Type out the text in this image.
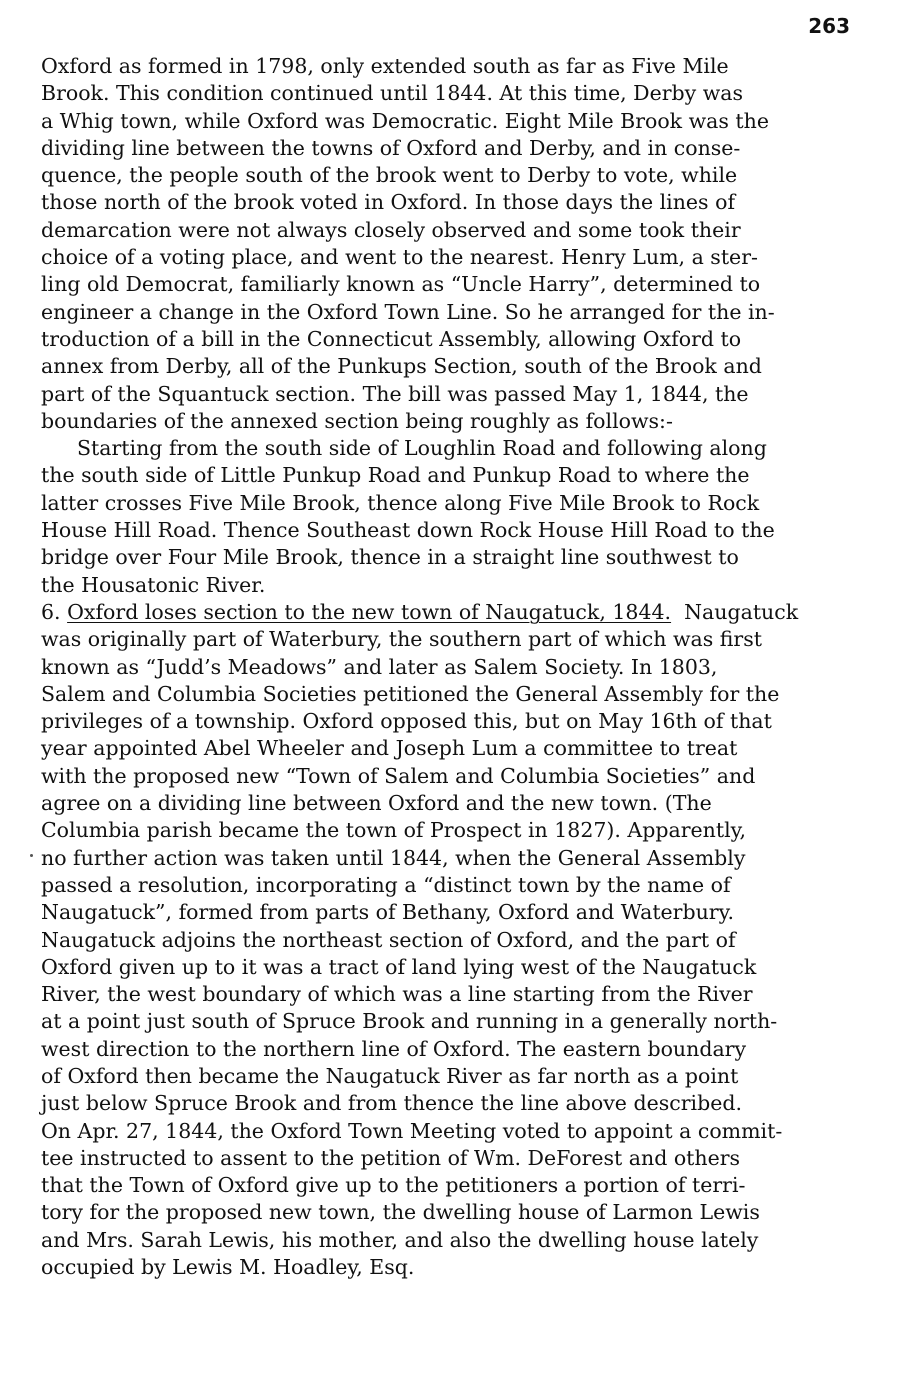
263
Oxford as formed in 1798, only extended south as far as Five Mile
Brook. This condition continued until 1844. At this time, Derby was
a Whig town, while Oxford was Democratic. Eight Mile Brook was the
dividing line between the towns of Oxford and Derby, and in conse-
quence, the people south of the brook went to Derby to vote, while
those north of the brook voted in Oxford. In those days the lines of
demarcation were not always closely observed and some took their
choice of a voting place, and went to the nearest. Henry Lum, a ster-
ling old Democrat, familiarly known as “Uncle Harry”, determined to
engineer a change in the Oxford Town Line. So he arranged for the in-
troduction of a bill in the Connecticut Assembly, allowing Oxford to
annex from Derby, all of the Punkups Section, south of the Brook and
part of the Squantuck section. The bill was passed May 1, 1844, the
boundaries of the annexed section being roughly as follows:-
Starting from the south side of Loughlin Road and following along
the south side of Little Punkup Road and Punkup Road to where the
latter crosses Five Mile Brook, thence along Five Mile Brook to Rock
House Hill Road. Thence Southeast down Rock House Hill Road to the
bridge over Four Mile Brook, thence in a straight line southwest to
the Housatonic River.
6. Oxford loses section to the new town of Naugatuck, 1844. Naugatuck
was originally part of Waterbury, the southern part of which was first
known as “Judd’s Meadows” and later as Salem Society. In 1803,
Salem and Columbia Societies petitioned the General Assembly for the
privileges of a township. Oxford opposed this, but on May 16th of that
year appointed Abel Wheeler and Joseph Lum a committee to treat
with the proposed new “Town of Salem and Columbia Societies” and
agree on a dividing line between Oxford and the new town. (The
Columbia parish became the town of Prospect in 1827). Apparently,
no further action was taken until 1844, when the General Assembly
passed a resolution, incorporating a “distinct town by the name of
Naugatuck”, formed from parts of Bethany, Oxford and Waterbury.
Naugatuck adjoins the northeast section of Oxford, and the part of
Oxford given up to it was a tract of land lying west of the Naugatuck
River, the west boundary of which was a line starting from the River
at a point just south of Spruce Brook and running in a generally north-
west direction to the northern line of Oxford. The eastern boundary
of Oxford then became the Naugatuck River as far north as a point
just below Spruce Brook and from thence the line above described.
On Apr. 27, 1844, the Oxford Town Meeting voted to appoint a commit-
tee instructed to assent to the petition of Wm. DeForest and others
that the Town of Oxford give up to the petitioners a portion of terri-
tory for the proposed new town, the dwelling house of Larmon Lewis
and Mrs. Sarah Lewis, his mother, and also the dwelling house lately
occupied by Lewis M. Hoadley, Esq.
